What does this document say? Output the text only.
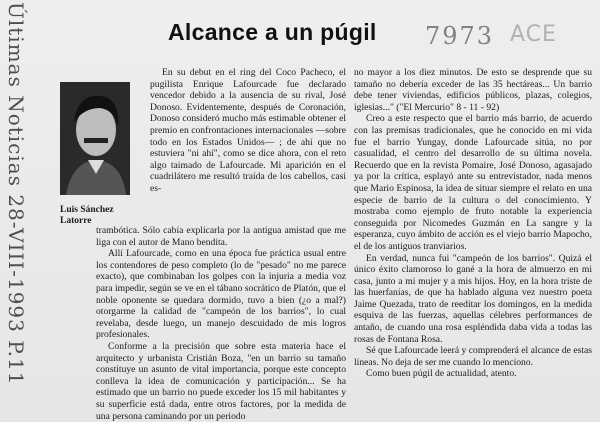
Alcance a un púgil
Últimas Noticias 28-VIII-1993 P.11	7973 ACE
Luis Sánchez Latorre

En su debut en el ring del Coco Pacheco, el pugilista Enrique Lafourcade fue declarado vencedor debido a la ausencia de su rival, José Donoso. Evidentemente, después de Coronación, Donoso consideró mucho más estimable obtener el premio en confrontaciones internacionales —sobre todo en los Estados Unidos— ; de ahí que no estuviera "ni ahí", como se dice ahora, con el reto algo taimado de Lafourcade. Mi aparición en el cuadrilátero me resultó traída de los cabellos, casi es-

trambótica. Sólo cabía explicarla por la antigua amistad que me liga con el autor de Mano bendita.

Allí Lafourcade, como en una época fue práctica usual entre los contendores de peso completo (lo de "pesado" no me parece exacto), que combinaban los golpes con la injuria a media voz para impedir, según se ve en el tábano socrático de Platón, que el noble oponente se quedara dormido, tuvo a bien (¿o a mal?) otorgarme la calidad de "campeón de los barrios", lo cual revelaba, desde luego, un manejo descuidado de mis logros profesionales.

Conforme a la precisión que sobre esta materia hace el arquitecto y urbanista Cristián Boza, "en un barrio su tamaño constituye un asunto de vital importancia, porque este concepto conlleva la idea de comunicación y participación... Se ha estimado que un barrio no puede exceder los 15 mil habitantes y su superficie está dada, entre otros factores, por la medida de una persona caminando por un periodo

no mayor a los diez minutos. De esto se desprende que su tamaño no debería exceder de las 35 hectáreas... Un barrio debe tener viviendas, edificios públicos, plazas, colegios, iglesias..." ("El Mercurio" 8 - 11 - 92)

Creo a este respecto que el barrio más barrio, de acuerdo con las premisas tradicionales, que he conocido en mi vida fue el barrio Yungay, donde Lafourcade sitúa, no por casualidad, el centro del desarrollo de su última novela. Recuerdo que en la revista Pomaire, José Donoso, agasajado ya por la crítica, esplayó ante su entrevistador, nada menos que Mario Espinosa, la idea de situar siempre el relato en una especie de barrio de la cultura o del conocimiento. Y mostraba como ejemplo de fruto notable la experiencia conseguida por Nicomedes Guzmán en La sangre y la esperanza, cuyo ámbito de acción es el viejo barrio Mapocho, el de los antiguos tranviarios.

En verdad, nunca fui "campeón de los barrios". Quizá el único éxito clamoroso lo gané a la hora de almuerzo en mi casa, junto a mi mujer y a mis hijos. Hoy, en la hora triste de las huerfanías, de que ha hablado alguna vez nuestro poeta Jaime Quezada, trato de reeditar los domingos, en la medida esquiva de las fuerzas, aquellas célebres performances de antaño, de cuando una rosa espléndida daba vida a todas las rosas de Fontana Rosa.

Sé que Lafourcade leerá y comprenderá el alcance de estas líneas. No deja de ser me cuando lo menciono.

Como buen púgil de actualidad, atento.
